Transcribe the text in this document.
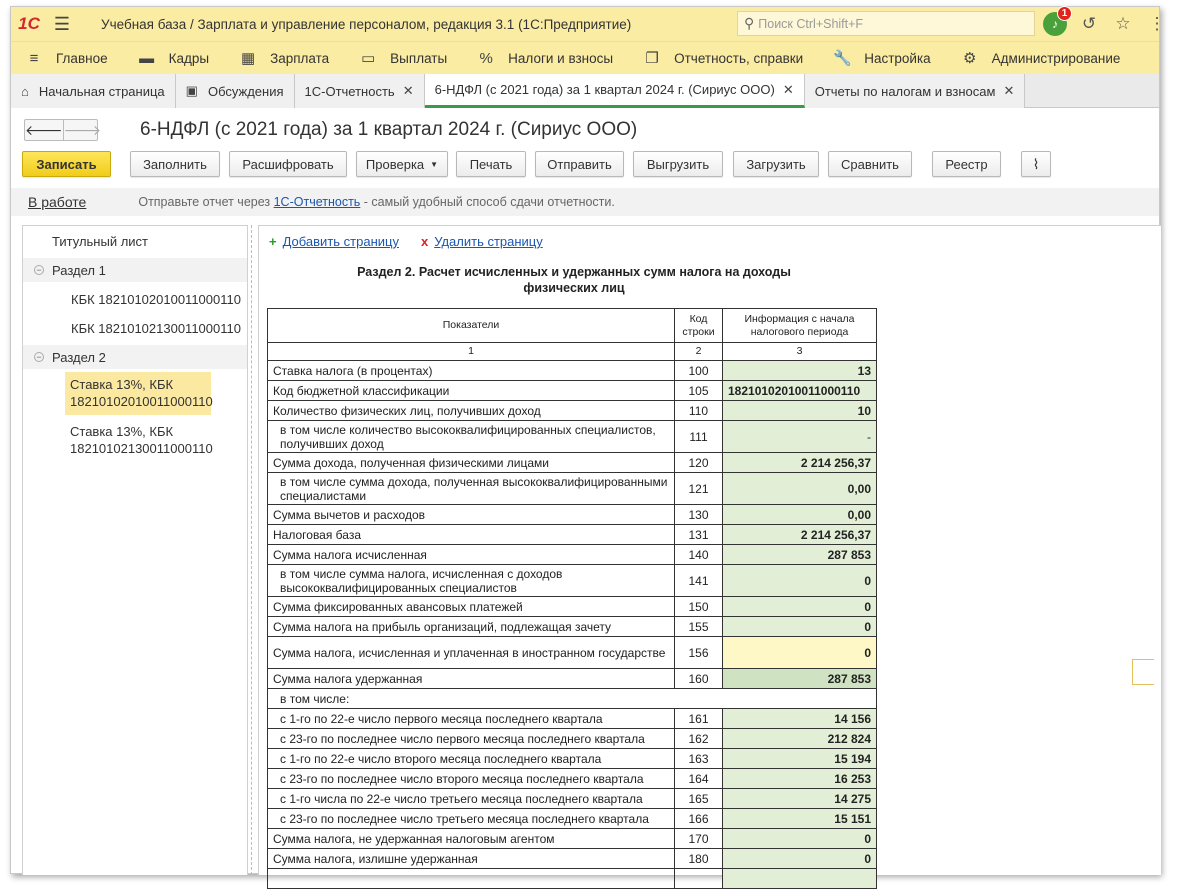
1С ☰	Учебная база / Зарплата и управление персоналом, редакция 3.1 (1С:Предприятие)	⚲ Поиск Ctrl+Shift+F	♪
1
↺ ☆ ⋮
≡	Главное ▬ Кадры ▦ Зарплата ▭ Выплаты % Налоги и взносы ❐ Отчетность, справки 🔧 Настройка ⚙ Администрирование
⌂ Начальная страница ▣ Обсуждения 1С-Отчетность ✕ 6-НДФЛ (с 2021 года) за 1 квартал 2024 г. (Сириус ООО) ✕ Отчеты по налогам и взносам ✕
🡐 🡒 6-НДФЛ (с 2021 года) за 1 квартал 2024 г. (Сириус ООО)
Записать	Заполнить	Расшифровать	Проверка ▼	Печать	Отправить	Выгрузить	Загрузить	Сравнить	Реестр	⌇
В работе	Отправьте отчет через 1С-Отчетность - самый удобный способ сдачи отчетности.
Титульный лист
− Раздел 1
КБК 18210102010011000110
КБК 18210102130011000110
− Раздел 2
Ставка 13%, КБК
18210102010011000110
Ставка 13%, КБК
18210102130011000110
+ Добавить страницу x Удалить страницу
Раздел 2. Расчет исчисленных и удержанных сумм налога на доходы
физических лиц
Показатели	Код строки	Информация с начала налогового периода
1	2	3
Ставка налога (в процентах)	100	13
Код бюджетной классификации	105	18210102010011000110
Количество физических лиц, получивших доход	110	10
в том числе количество высококвалифицированных специалистов, получивших доход	111	-
Сумма дохода, полученная физическими лицами	120	2 214 256,37
в том числе сумма дохода, полученная высококвалифицированными специалистами	121	0,00
Сумма вычетов и расходов	130	0,00
Налоговая база	131	2 214 256,37
Сумма налога исчисленная	140	287 853
в том числе сумма налога, исчисленная с доходов высококвалифицированных специалистов	141	0
Сумма фиксированных авансовых платежей	150	0
Сумма налога на прибыль организаций, подлежащая зачету	155	0
Сумма налога, исчисленная и уплаченная в иностранном государстве	156	0
Сумма налога удержанная	160	287 853
в том числе:		
с 1-го по 22-е число первого месяца последнего квартала	161	14 156
с 23-го по последнее число первого месяца последнего квартала	162	212 824
с 1-го по 22-е число второго месяца последнего квартала	163	15 194
с 23-го по последнее число второго месяца последнего квартала	164	16 253
с 1-го числа по 22-е число третьего месяца последнего квартала	165	14 275
с 23-го по последнее число третьего месяца последнего квартала	166	15 151
Сумма налога, не удержанная налоговым агентом	170	0
Сумма налога, излишне удержанная	180	0
